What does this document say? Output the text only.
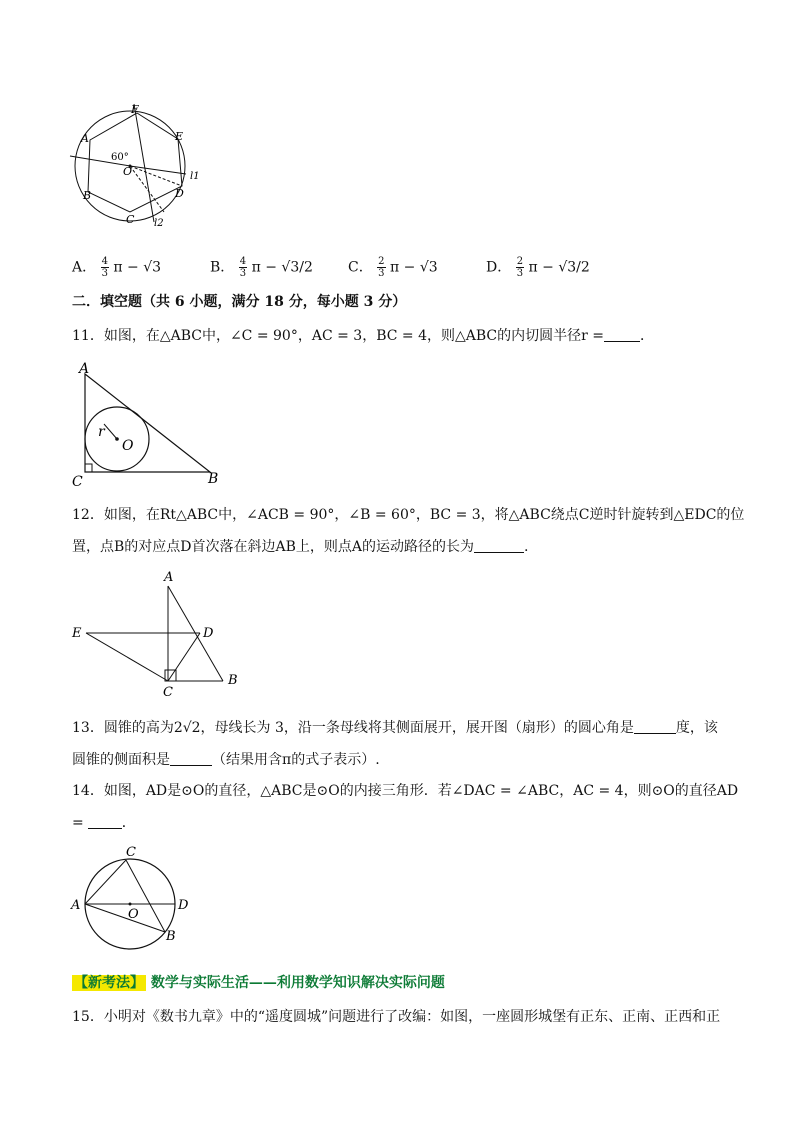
F
A	E
60°
O	l1
B	D
C l2
A． $\frac{4}{3}$ π − √3	B． $\frac{4}{3}$ π − √3/2	C． $\frac{2}{3}$ π − √3	D． $\frac{2}{3}$ π − √3/2
二．填空题（共 6 小题，满分 18 分，每小题 3 分）
11．如图，在△ABC中，∠C = 90°，AC = 3，BC = 4，则△ABC的内切圆半径r =	．
A
r
O
C	B
12．如图，在Rt△ABC中，∠ACB = 90°，∠B = 60°，BC = 3，将△ABC绕点C逆时针旋转到△EDC的位
置，点B的对应点D首次落在斜边AB上，则点A的运动路径的长为	.
A
E	D
C
B
13．圆锥的高为2√2，母线长为 3，沿一条母线将其侧面展开，展开图（扇形）的圆心角是	度，该
圆锥的侧面积是	（结果用含π的式子表示）.
14．如图，AD是⊙O的直径，△ABC是⊙O的内接三角形．若∠DAC = ∠ABC，AC = 4，则⊙O的直径AD
=	．
C
A	D
O
B
【新考法】 数学与实际生活——利用数学知识解决实际问题
15．小明对《数书九章》中的“遥度圆城”问题进行了改编：如图，一座圆形城堡有正东、正南、正西和正
